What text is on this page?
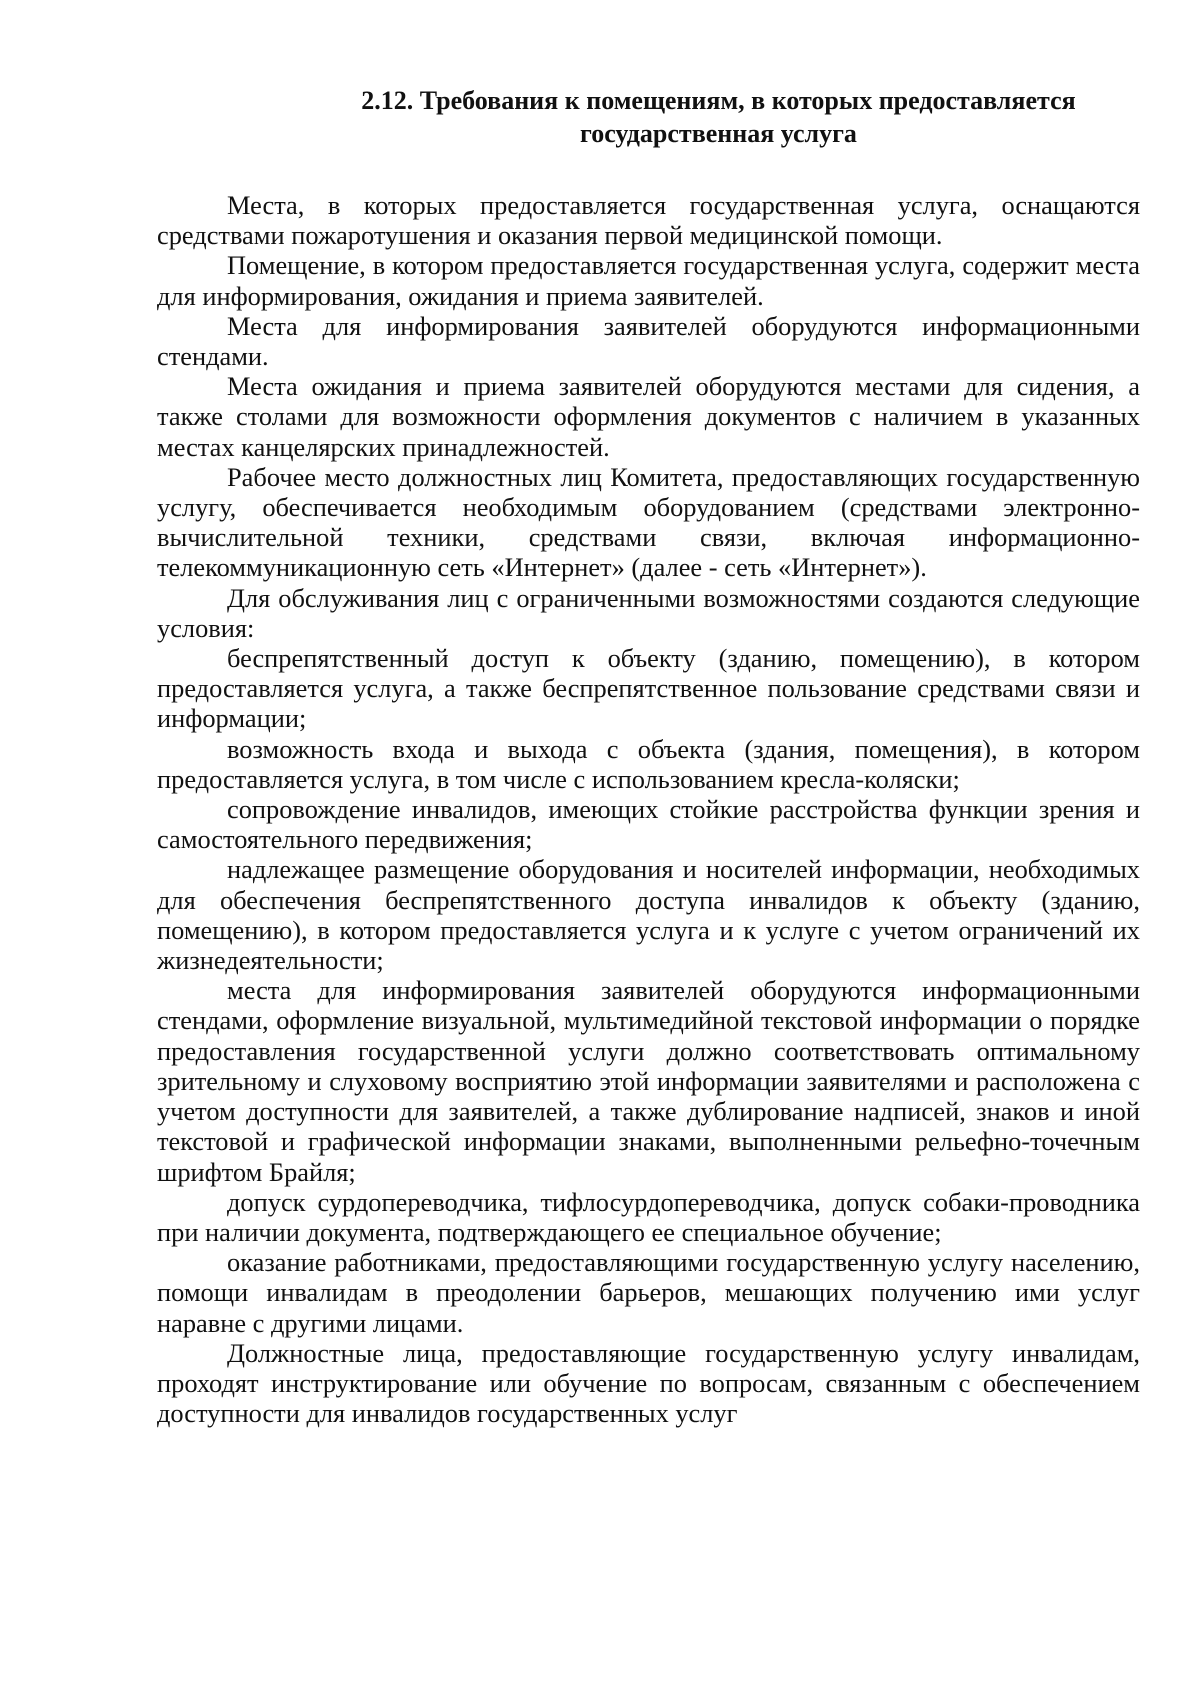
2.12. Требования к помещениям, в которых предоставляется
государственная услуга

Места, в которых предоставляется государственная услуга, оснащаются средствами пожаротушения и оказания первой медицинской помощи.

Помещение, в котором предоставляется государственная услуга, содержит места для информирования, ожидания и приема заявителей.

Места для информирования заявителей оборудуются информационными стендами.

Места ожидания и приема заявителей оборудуются местами для сидения, а также столами для возможности оформления документов с наличием в указанных местах канцелярских принадлежностей.

Рабочее место должностных лиц Комитета, предоставляющих государственную услугу, обеспечивается необходимым оборудованием (средствами электронно-вычислительной техники, средствами связи, включая информационно-телекоммуникационную сеть «Интернет» (далее - сеть «Интернет»).

Для обслуживания лиц с ограниченными возможностями создаются следующие условия:

беспрепятственный доступ к объекту (зданию, помещению), в котором предоставляется услуга, а также беспрепятственное пользование средствами связи и информации;

возможность входа и выхода с объекта (здания, помещения), в котором предоставляется услуга, в том числе с использованием кресла-коляски;

сопровождение инвалидов, имеющих стойкие расстройства функции зрения и самостоятельного передвижения;

надлежащее размещение оборудования и носителей информации, необходимых для обеспечения беспрепятственного доступа инвалидов к объекту (зданию, помещению), в котором предоставляется услуга и к услуге с учетом ограничений их жизнедеятельности;

места для информирования заявителей оборудуются информационными стендами, оформление визуальной, мультимедийной текстовой информации о порядке предоставления государственной услуги должно соответствовать оптимальному зрительному и слуховому восприятию этой информации заявителями и расположена с учетом доступности для заявителей, а также дублирование надписей, знаков и иной текстовой и графической информации знаками, выполненными рельефно-точечным шрифтом Брайля;

допуск сурдопереводчика, тифлосурдопереводчика, допуск собаки-проводника при наличии документа, подтверждающего ее специальное обучение;

оказание работниками, предоставляющими государственную услугу населению, помощи инвалидам в преодолении барьеров, мешающих получению ими услуг наравне с другими лицами.

Должностные лица, предоставляющие государственную услугу инвалидам, проходят инструктирование или обучение по вопросам, связанным с обеспечением доступности для инвалидов государственных услуг
